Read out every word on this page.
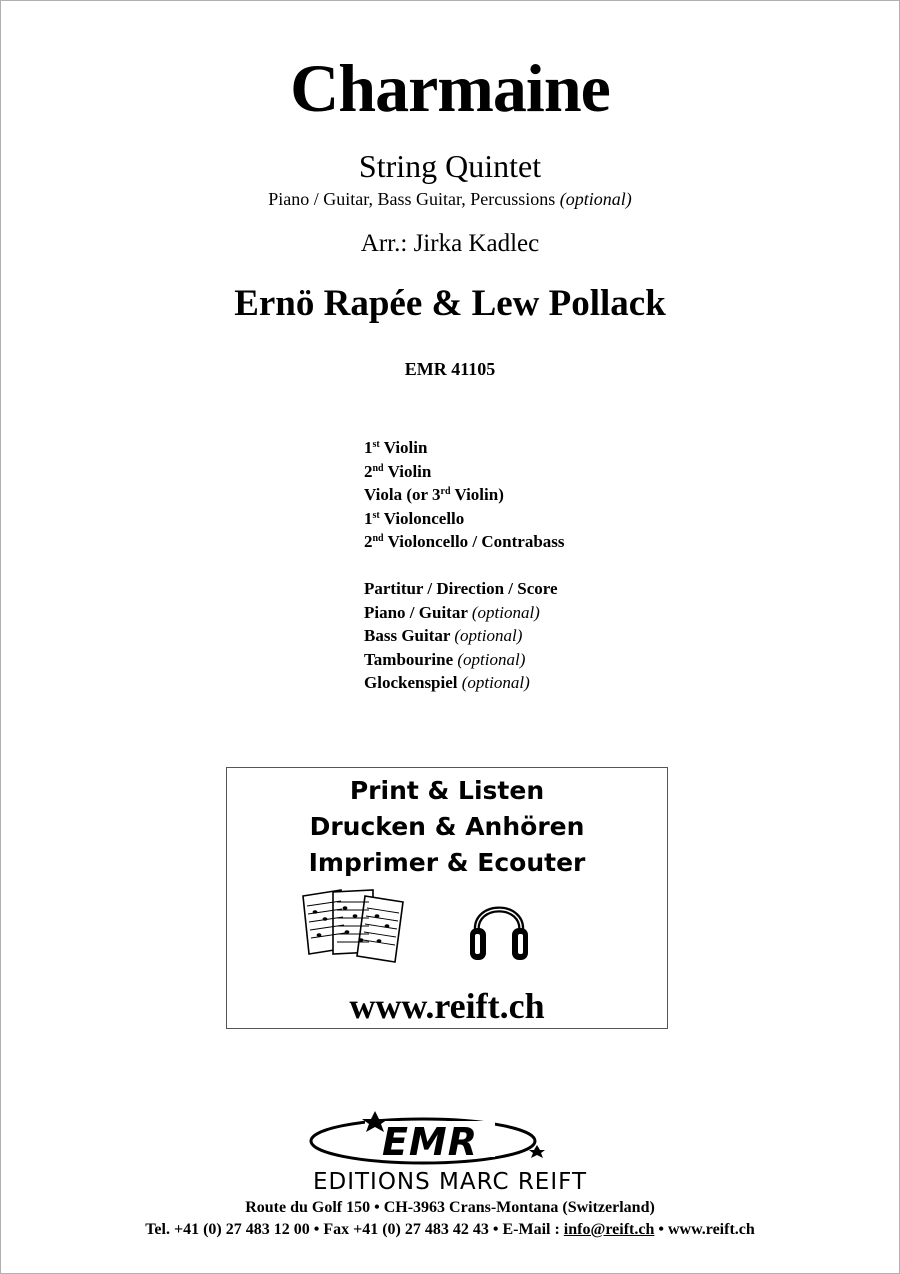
Charmaine
String Quintet
Piano / Guitar, Bass Guitar, Percussions (optional)
Arr.: Jirka Kadlec
Ernö Rapée & Lew Pollack
EMR 41105
1st Violin
2nd Violin
Viola (or 3rd Violin)
1st Violoncello
2nd Violoncello / Contrabass
Partitur / Direction / Score
Piano / Guitar (optional)
Bass Guitar (optional)
Tambourine (optional)
Glockenspiel (optional)
Print & Listen
Drucken & Anhören
Imprimer & Ecouter
www.reift.ch
EMR
EDITIONS MARC REIFT
Route du Golf 150 • CH-3963 Crans-Montana (Switzerland)
Tel. +41 (0) 27 483 12 00 • Fax +41 (0) 27 483 42 43 • E-Mail : info@reift.ch • www.reift.ch
